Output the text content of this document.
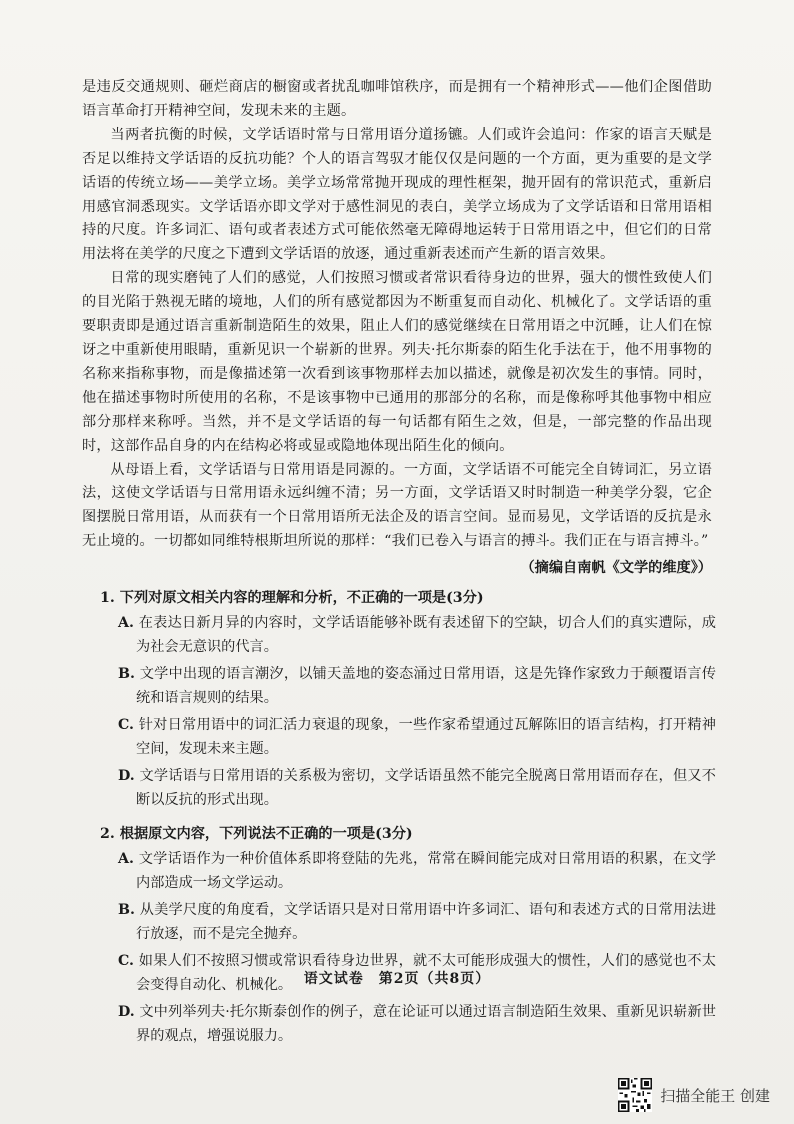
是违反交通规则、砸烂商店的橱窗或者扰乱咖啡馆秩序，而是拥有一个精神形式——他们企图借助语言革命打开精神空间，发现未来的主题。

当两者抗衡的时候，文学话语时常与日常用语分道扬镳。人们或许会追问：作家的语言天赋是否足以维持文学话语的反抗功能？个人的语言驾驭才能仅仅是问题的一个方面，更为重要的是文学话语的传统立场——美学立场。美学立场常常抛开现成的理性框架，抛开固有的常识范式，重新启用感官洞悉现实。文学话语亦即文学对于感性洞见的表白，美学立场成为了文学话语和日常用语相持的尺度。许多词汇、语句或者表述方式可能依然毫无障碍地运转于日常用语之中，但它们的日常用法将在美学的尺度之下遭到文学话语的放逐，通过重新表述而产生新的语言效果。

日常的现实磨钝了人们的感觉，人们按照习惯或者常识看待身边的世界，强大的惯性致使人们的目光陷于熟视无睹的境地，人们的所有感觉都因为不断重复而自动化、机械化了。文学话语的重要职责即是通过语言重新制造陌生的效果，阻止人们的感觉继续在日常用语之中沉睡，让人们在惊讶之中重新使用眼睛，重新见识一个崭新的世界。列夫·托尔斯泰的陌生化手法在于，他不用事物的名称来指称事物，而是像描述第一次看到该事物那样去加以描述，就像是初次发生的事情。同时，他在描述事物时所使用的名称，不是该事物中已通用的那部分的名称，而是像称呼其他事物中相应部分那样来称呼。当然，并不是文学话语的每一句话都有陌生之效，但是，一部完整的作品出现时，这部作品自身的内在结构必将或显或隐地体现出陌生化的倾向。

从母语上看，文学话语与日常用语是同源的。一方面，文学话语不可能完全自铸词汇，另立语法，这使文学话语与日常用语永远纠缠不清；另一方面，文学话语又时时制造一种美学分裂，它企图摆脱日常用语，从而获有一个日常用语所无法企及的语言空间。显而易见，文学话语的反抗是永无止境的。一切都如同维特根斯坦所说的那样：“我们已卷入与语言的搏斗。我们正在与语言搏斗。”

（摘编自南帆《文学的维度》）

1. 下列对原文相关内容的理解和分析，不正确的一项是(3分)

A. 在表达日新月异的内容时，文学话语能够补既有表述留下的空缺，切合人们的真实遭际，成为社会无意识的代言。

B. 文学中出现的语言潮汐，以铺天盖地的姿态涌过日常用语，这是先锋作家致力于颠覆语言传统和语言规则的结果。

C. 针对日常用语中的词汇活力衰退的现象，一些作家希望通过瓦解陈旧的语言结构，打开精神空间，发现未来主题。

D. 文学话语与日常用语的关系极为密切，文学话语虽然不能完全脱离日常用语而存在，但又不断以反抗的形式出现。

2. 根据原文内容，下列说法不正确的一项是(3分)

A. 文学话语作为一种价值体系即将登陆的先兆，常常在瞬间能完成对日常用语的积累，在文学内部造成一场文学运动。

B. 从美学尺度的角度看，文学话语只是对日常用语中许多词汇、语句和表述方式的日常用法进行放逐，而不是完全抛弃。

C. 如果人们不按照习惯或常识看待身边世界，就不太可能形成强大的惯性，人们的感觉也不太会变得自动化、机械化。

D. 文中列举列夫·托尔斯泰创作的例子，意在论证可以通过语言制造陌生效果、重新见识崭新世界的观点，增强说服力。

语文试卷　第2页（共8页）
扫描全能王 创建
